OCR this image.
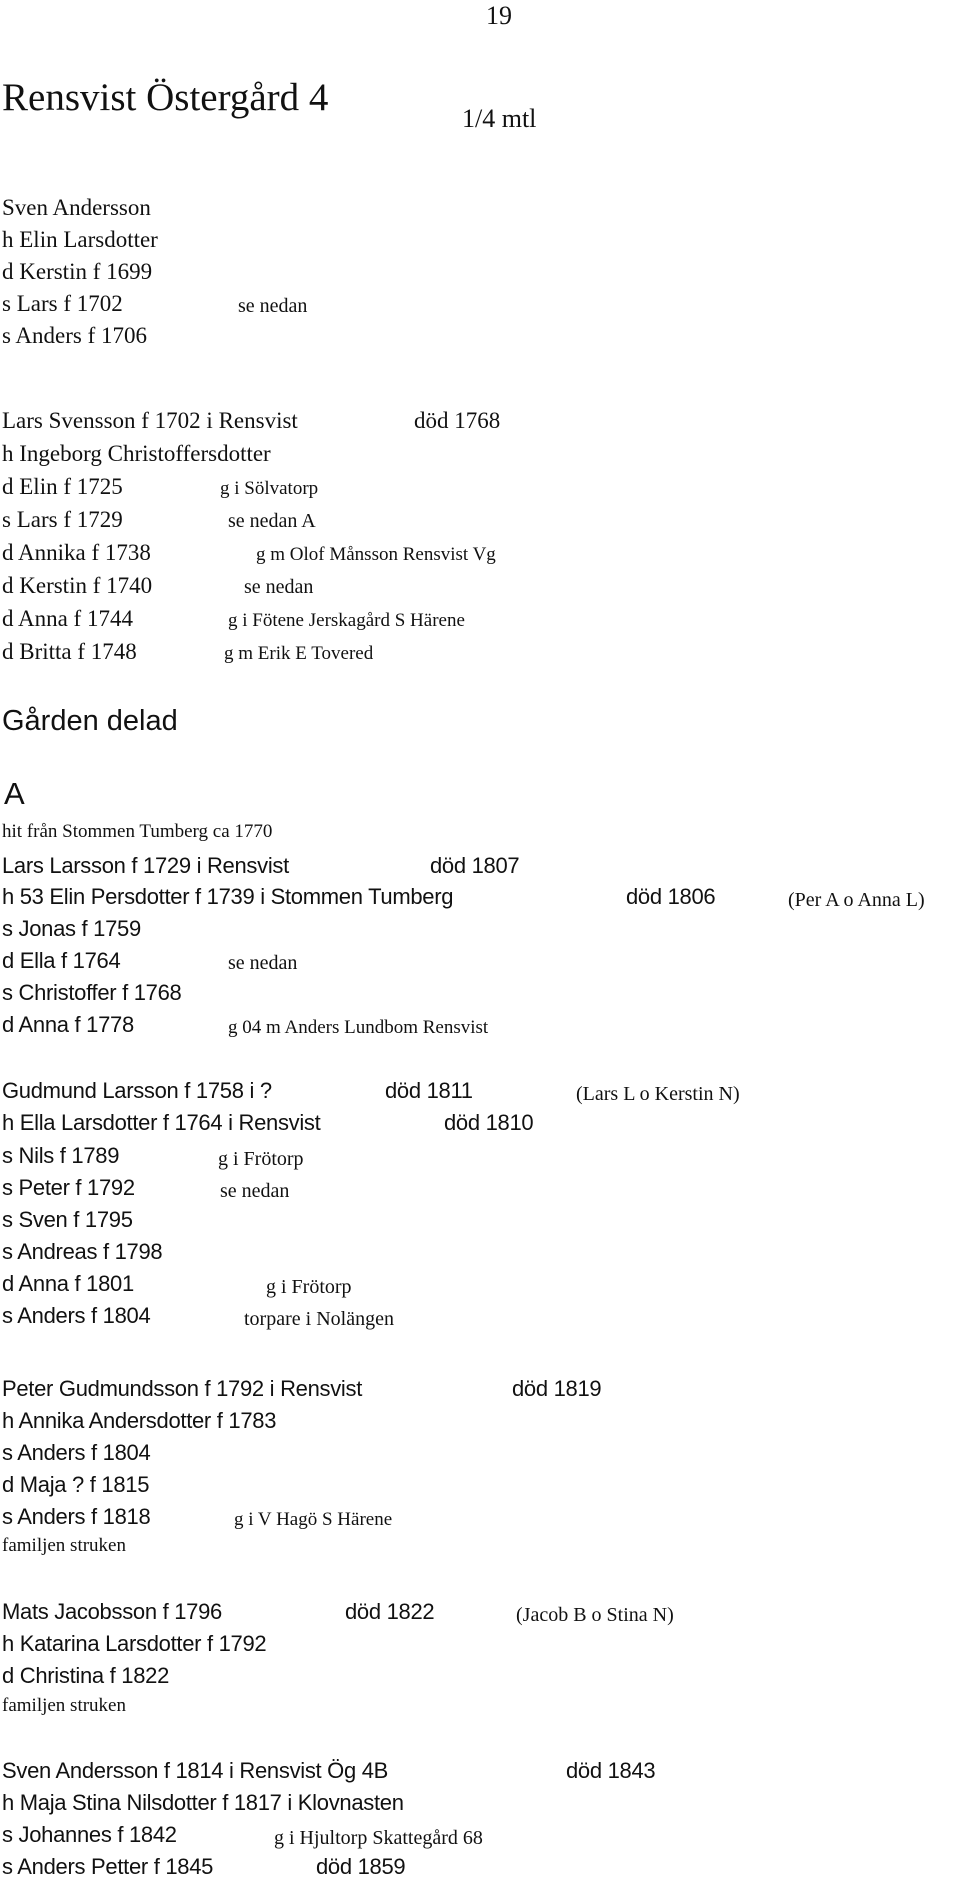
19
Rensvist Östergård 4	1/4 mtl
Sven Andersson
h Elin Larsdotter
d Kerstin f 1699
s Lars f 1702	se nedan
s Anders f 1706
Lars Svensson f 1702 i Rensvist	död 1768
h Ingeborg Christoffersdotter
d Elin f 1725	g i Sölvatorp
s Lars f 1729	se nedan A
d Annika f 1738	g m Olof Månsson Rensvist Vg
d Kerstin f 1740	se nedan
d Anna f 1744	g i Fötene Jerskagård S Härene
d Britta f 1748	g m Erik E Tovered
Gården delad
A
hit från Stommen Tumberg ca 1770
Lars Larsson f 1729 i Rensvist	död 1807
h 53 Elin Persdotter f 1739 i Stommen Tumberg	död 1806	(Per A o Anna L)
s Jonas f 1759
d Ella f 1764	se nedan
s Christoffer f 1768
d Anna f 1778	g 04 m Anders Lundbom Rensvist
Gudmund Larsson f 1758 i ?	död 1811	(Lars L o Kerstin N)
h Ella Larsdotter f 1764 i Rensvist	död 1810
s Nils f 1789	g i Frötorp
s Peter f 1792	se nedan
s Sven f 1795
s Andreas f 1798
d Anna f 1801	g i Frötorp
s Anders f 1804	torpare i Nolängen
Peter Gudmundsson f 1792 i Rensvist	död 1819
h Annika Andersdotter f 1783
s Anders f 1804
d Maja ? f 1815
s Anders f 1818	g i V Hagö S Härene
familjen struken
Mats Jacobsson f 1796	död 1822	(Jacob B o Stina N)
h Katarina Larsdotter f 1792
d Christina f 1822
familjen struken
Sven Andersson f 1814 i Rensvist Ög 4B	död 1843
h Maja Stina Nilsdotter f 1817 i Klovnasten
s Johannes f 1842	g i Hjultorp Skattegård 68
s Anders Petter f 1845	död 1859
